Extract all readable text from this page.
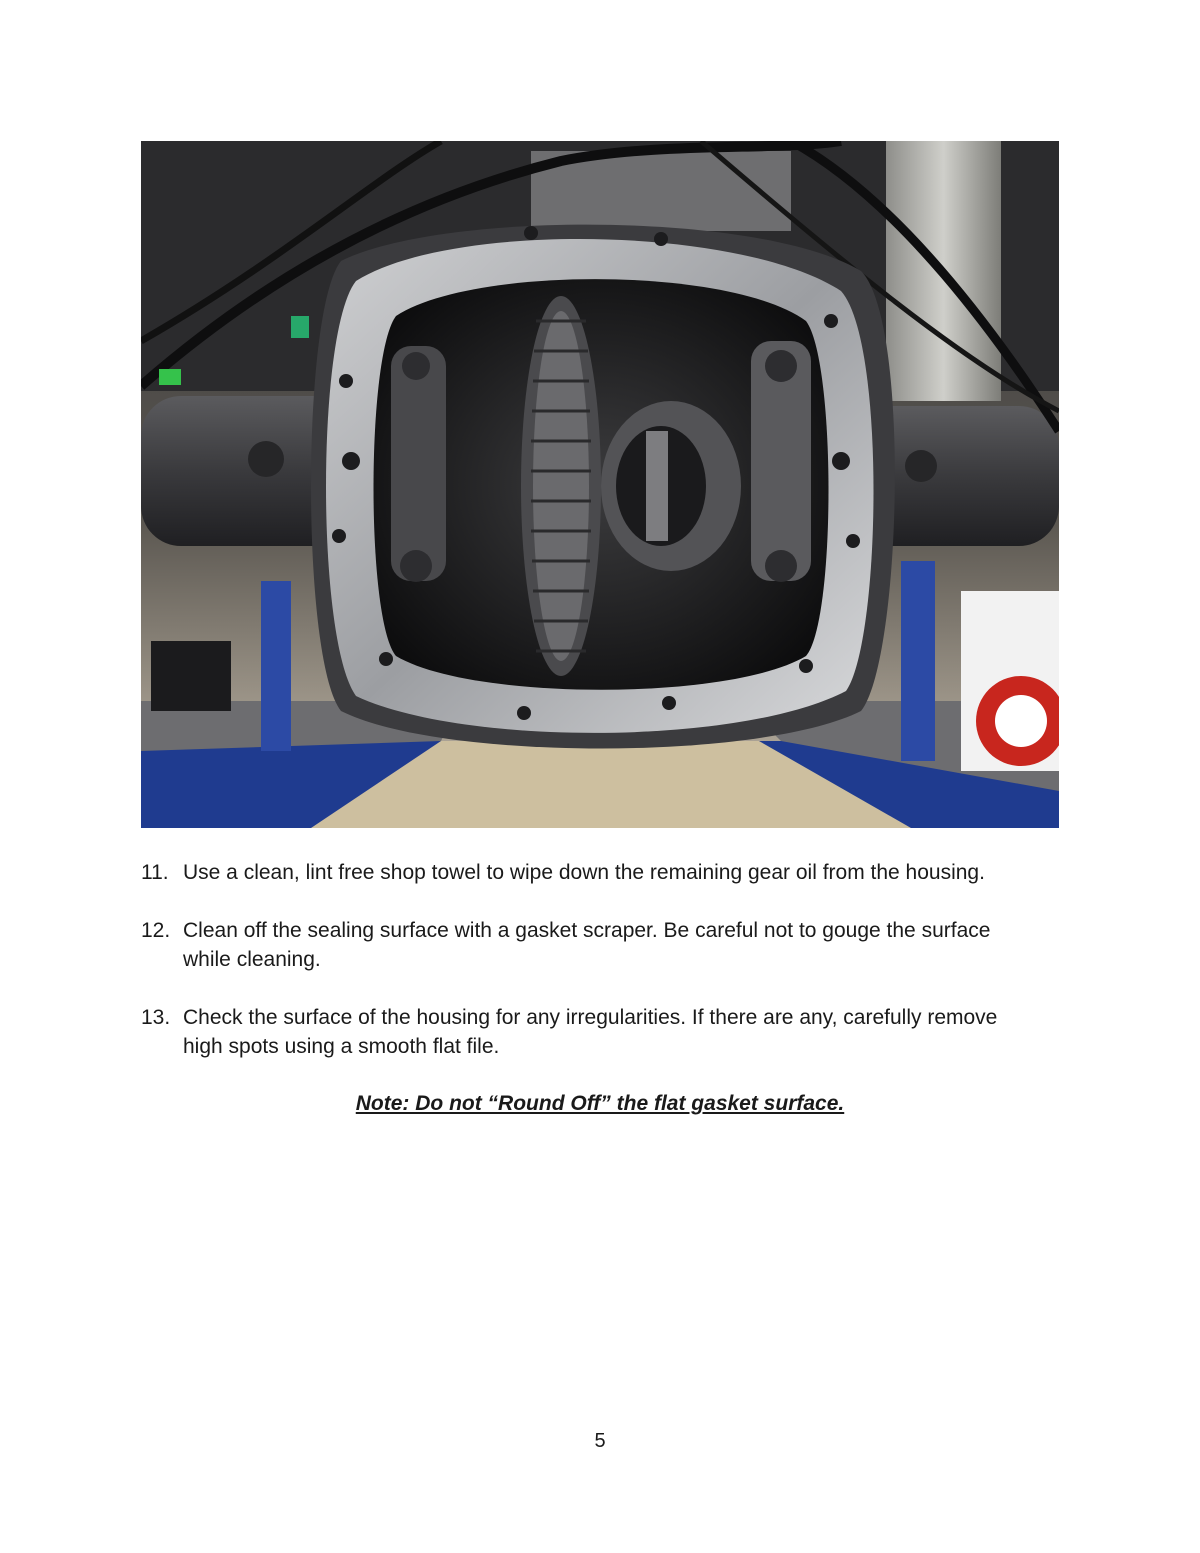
11. Use a clean, lint free shop towel to wipe down the remaining gear oil from the housing.
12. Clean off the sealing surface with a gasket scraper. Be careful not to gouge the surface while cleaning.
13. Check the surface of the housing for any irregularities. If there are any, carefully remove high spots using a smooth flat file.
Note: Do not “Round Off” the flat gasket surface.
5
